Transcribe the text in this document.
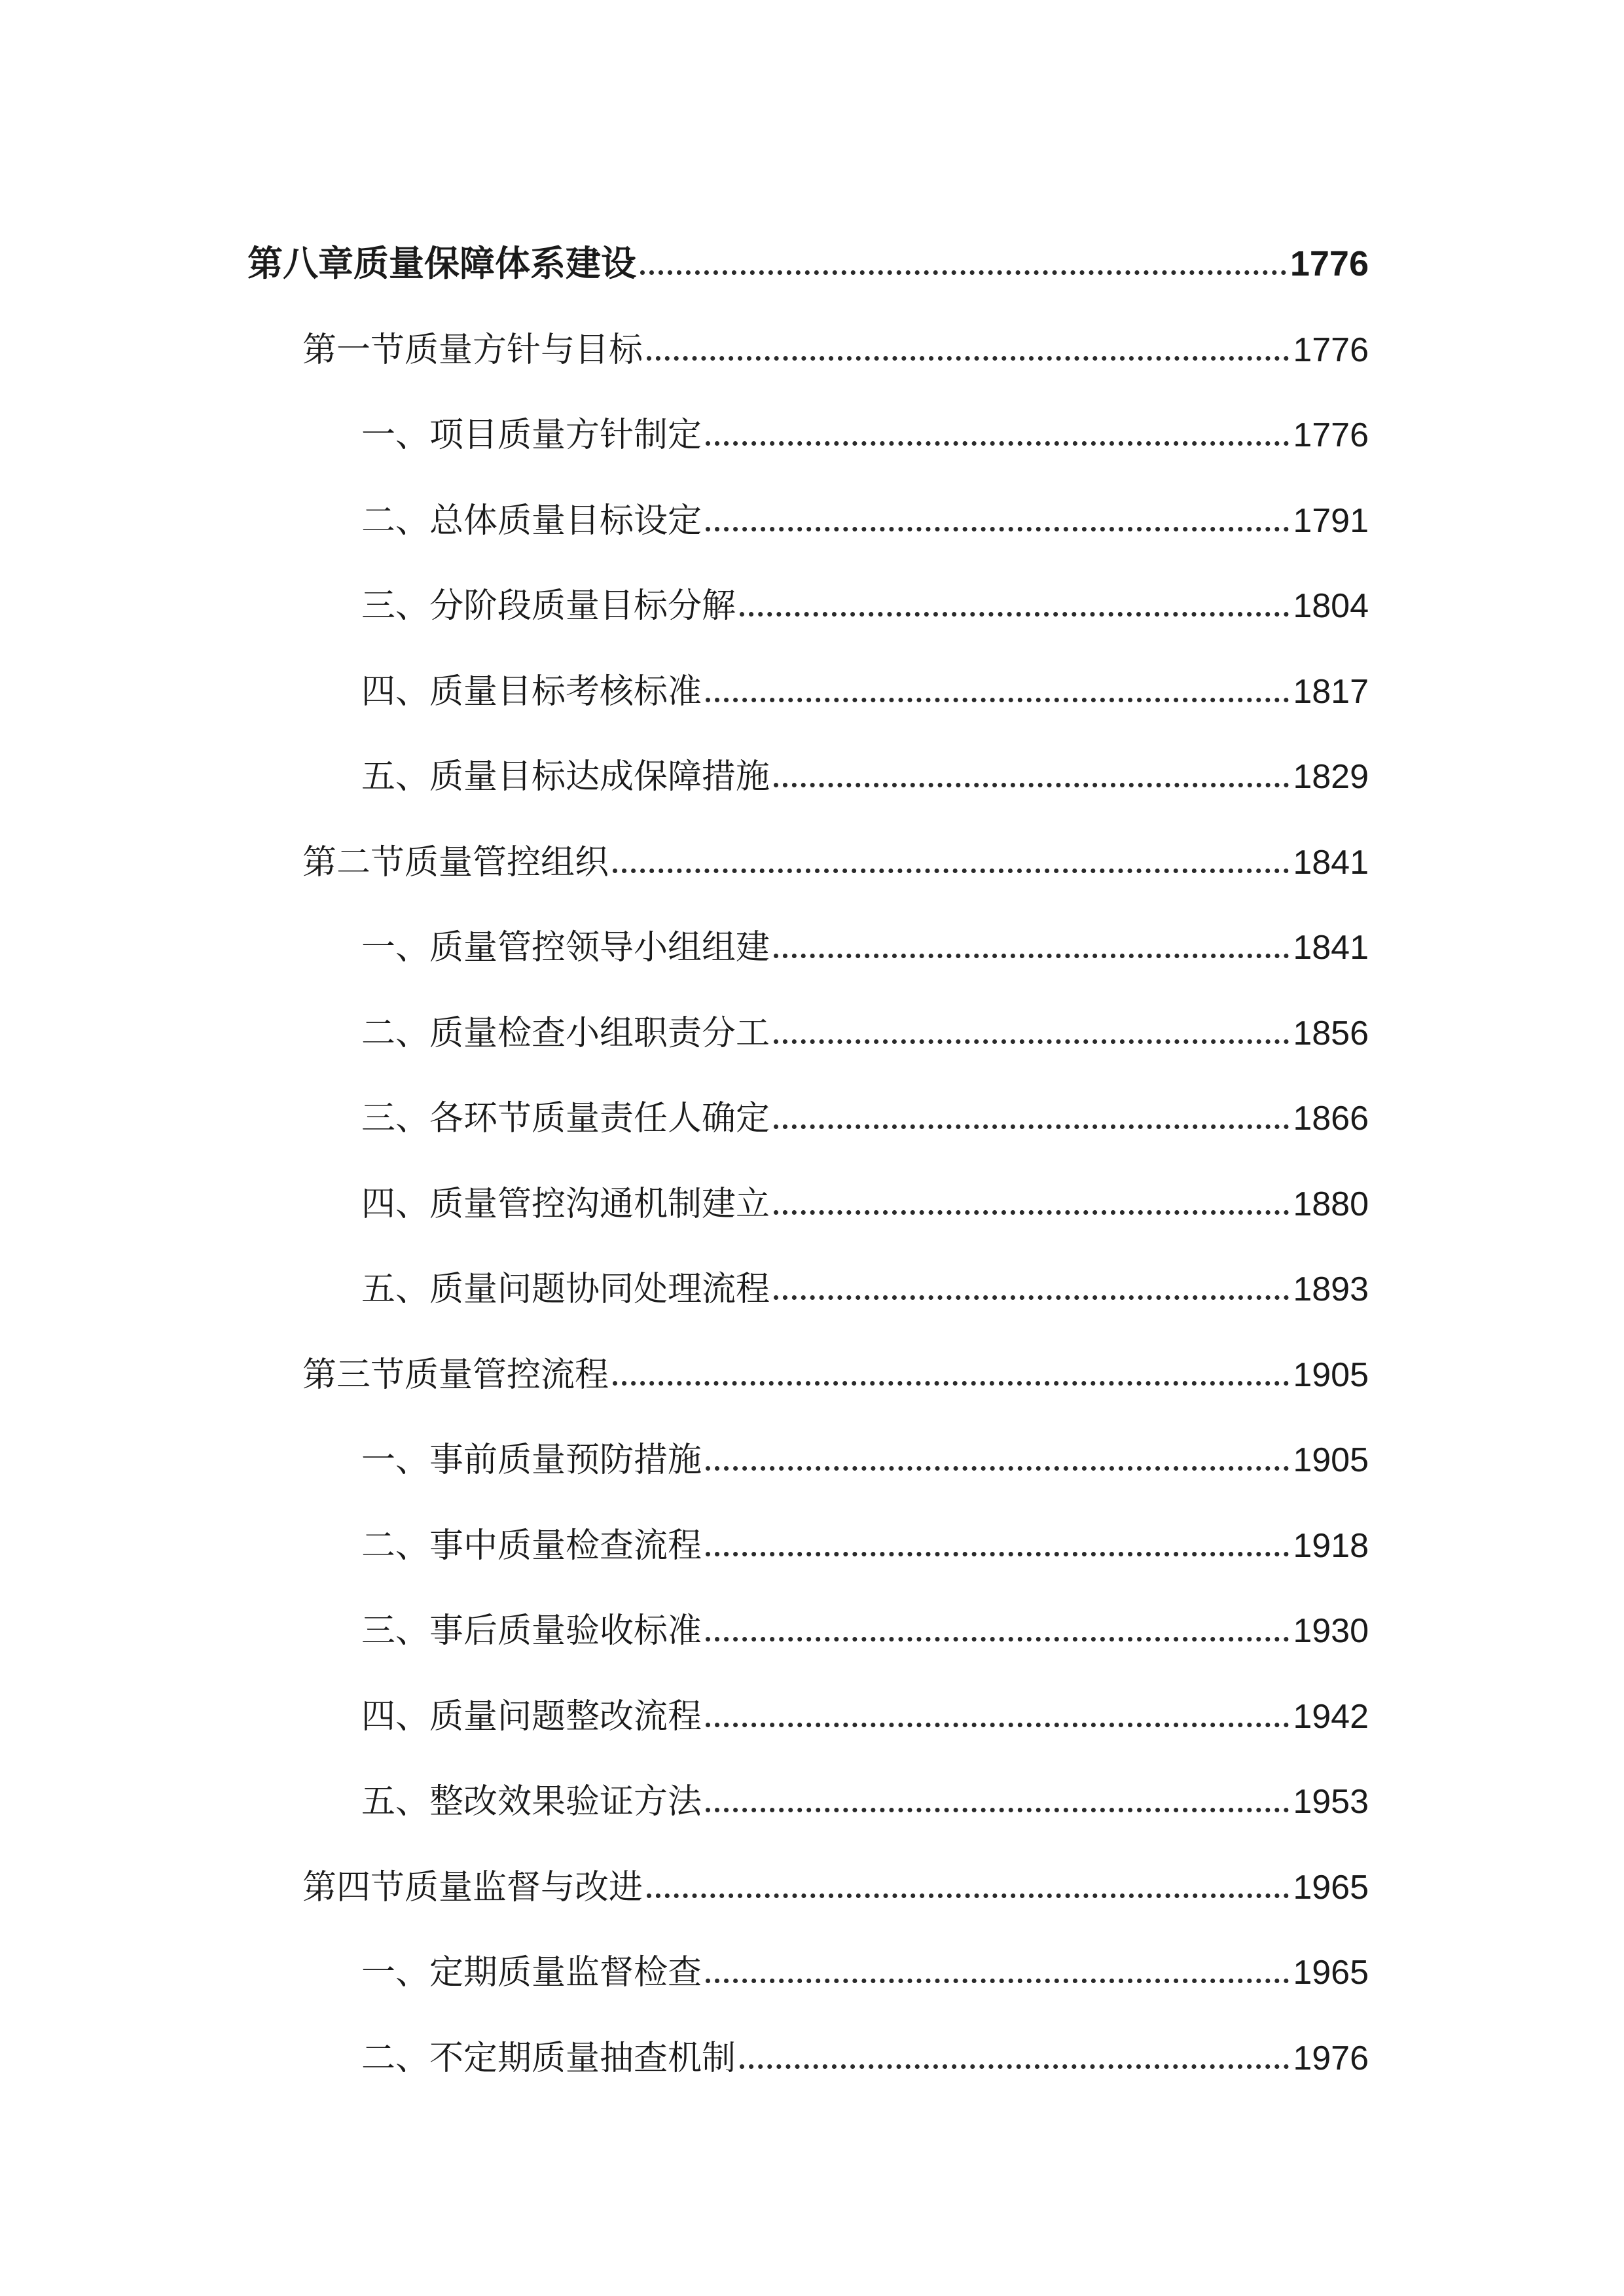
第八章质量保障体系建设	1776
第一节质量方针与目标	1776
一、项目质量方针制定	1776
二、总体质量目标设定	1791
三、分阶段质量目标分解	1804
四、质量目标考核标准	1817
五、质量目标达成保障措施	1829
第二节质量管控组织	1841
一、质量管控领导小组组建	1841
二、质量检查小组职责分工	1856
三、各环节质量责任人确定	1866
四、质量管控沟通机制建立	1880
五、质量问题协同处理流程	1893
第三节质量管控流程	1905
一、事前质量预防措施	1905
二、事中质量检查流程	1918
三、事后质量验收标准	1930
四、质量问题整改流程	1942
五、整改效果验证方法	1953
第四节质量监督与改进	1965
一、定期质量监督检查	1965
二、不定期质量抽查机制	1976
